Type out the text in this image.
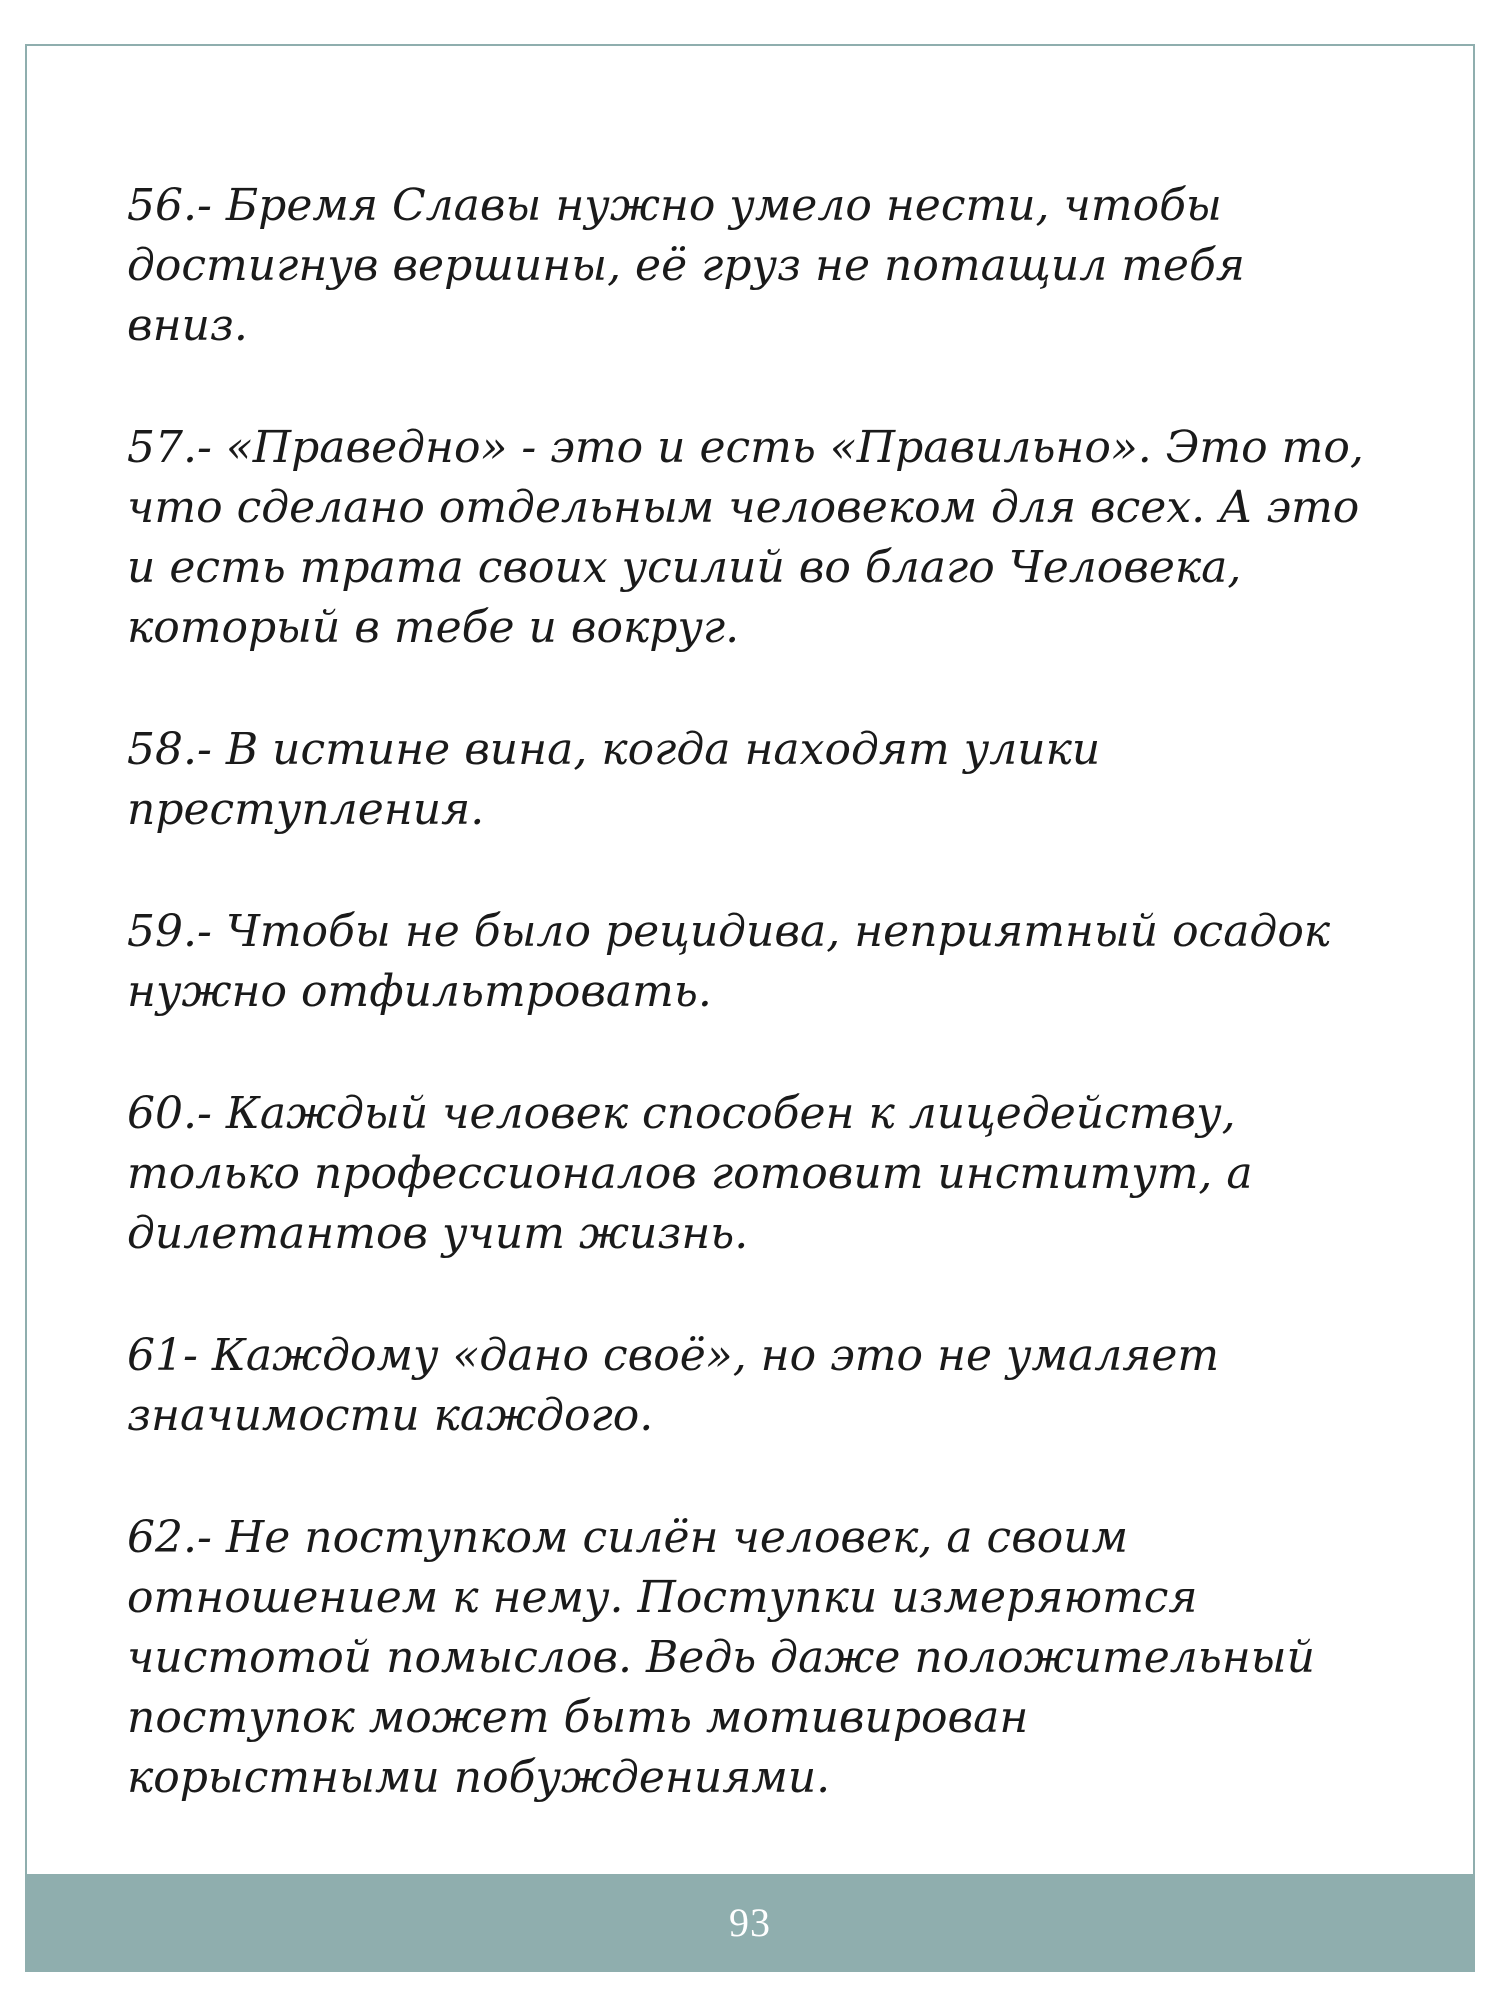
56.- Бремя Славы нужно умело нести, чтобы
достигнув вершины, её груз не потащил тебя
вниз.

57.- «Праведно» - это и есть «Правильно». Это то,
что сделано отдельным человеком для всех. А это
и есть трата своих усилий во благо Человека,
который в тебе и вокруг.

58.- В истине вина, когда находят улики
преступления.

59.- Чтобы не было рецидива, неприятный осадок
нужно отфильтровать.

60.- Каждый человек способен к лицедейству,
только профессионалов готовит институт, а
дилетантов учит жизнь.

61- Каждому «дано своё», но это не умаляет
значимости каждого.

62.- Не поступком силён человек, а своим
отношением к нему. Поступки измеряются
чистотой помыслов. Ведь даже положительный
поступок может быть мотивирован
корыстными побуждениями.

93
